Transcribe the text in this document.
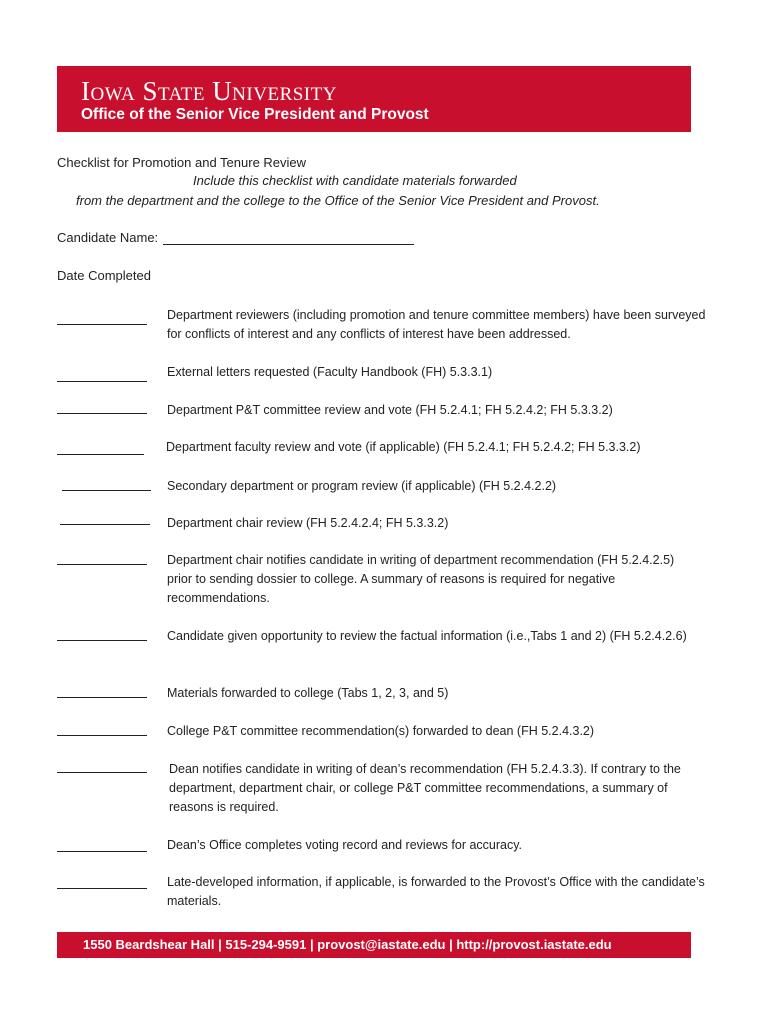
Iowa State University
Office of the Senior Vice President and Provost
Checklist for Promotion and Tenure Review
Include this checklist with candidate materials forwarded
from the department and the college to the Office of the Senior Vice President and Provost.
Candidate Name:
Date Completed
Department reviewers (including promotion and tenure committee members) have been surveyed for conflicts of interest and any conflicts of interest have been addressed.
External letters requested (Faculty Handbook (FH) 5.3.3.1)
Department P&T committee review and vote (FH 5.2.4.1; FH 5.2.4.2; FH 5.3.3.2)
Department faculty review and vote (if applicable) (FH 5.2.4.1; FH 5.2.4.2; FH 5.3.3.2)
Secondary department or program review (if applicable) (FH 5.2.4.2.2)
Department chair review (FH 5.2.4.2.4; FH 5.3.3.2)
Department chair notifies candidate in writing of department recommendation (FH 5.2.4.2.5) prior to sending dossier to college. A summary of reasons is required for negative recommendations.
Candidate given opportunity to review the factual information (i.e.,Tabs 1 and 2) (FH 5.2.4.2.6)
Materials forwarded to college (Tabs 1, 2, 3, and 5)
College P&T committee recommendation(s) forwarded to dean (FH 5.2.4.3.2)
Dean notifies candidate in writing of dean’s recommendation (FH 5.2.4.3.3). If contrary to the department, department chair, or college P&T committee recommendations, a summary of reasons is required.
Dean’s Office completes voting record and reviews for accuracy.
Late-developed information, if applicable, is forwarded to the Provost’s Office with the candidate’s materials.
1550 Beardshear Hall | 515-294-9591 | provost@iastate.edu | http://provost.iastate.edu
